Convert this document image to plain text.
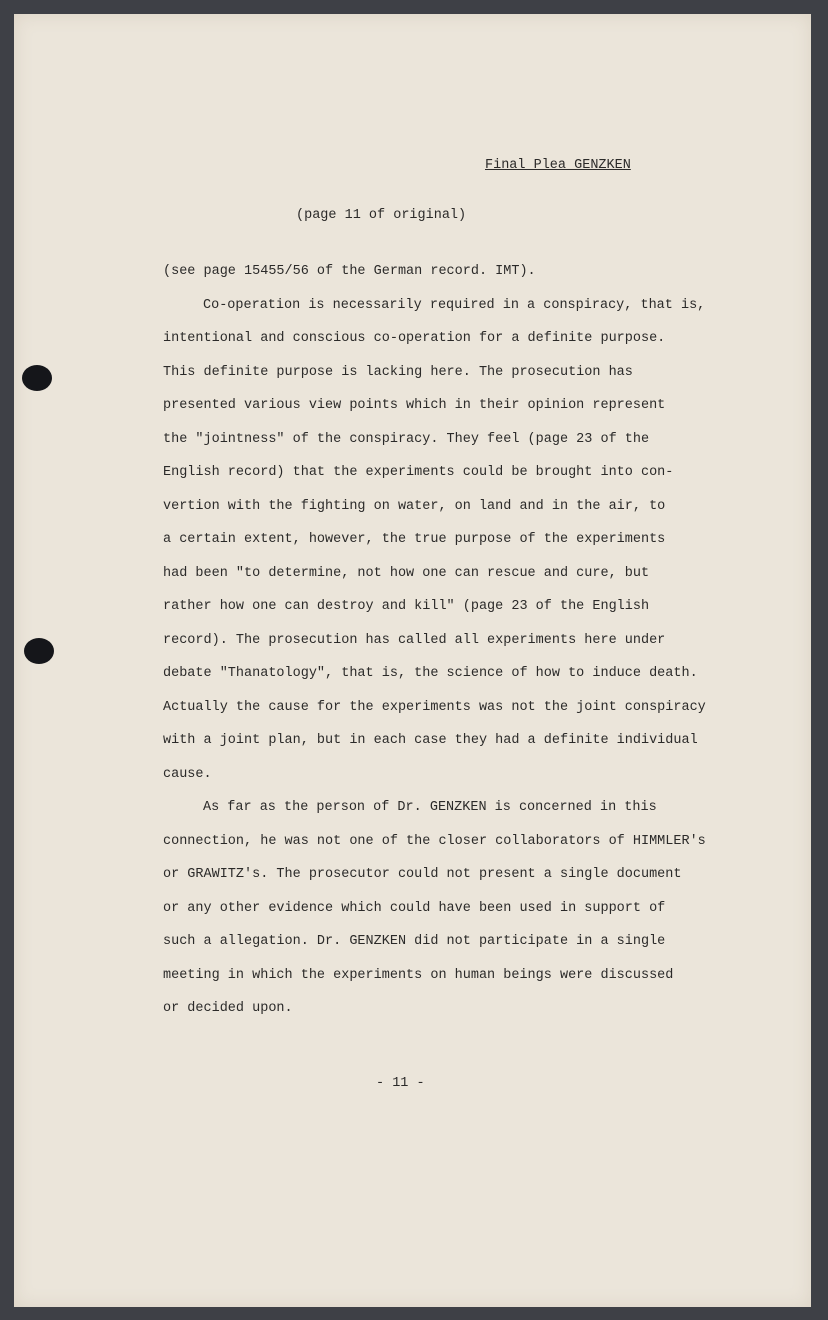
Final Plea GENZKEN
(page 11 of original)
(see page 15455/56 of the German record. IMT).
Co-operation is necessarily required in a conspiracy, that is,
intentional and conscious co-operation for a definite purpose.
This definite purpose is lacking here. The prosecution has
presented various view points which in their opinion represent
the "jointness" of the conspiracy. They feel (page 23 of the
English record) that the experiments could be brought into con-
vertion with the fighting on water, on land and in the air, to
a certain extent, however, the true purpose of the experiments
had been "to determine, not how one can rescue and cure, but
rather how one can destroy and kill" (page 23 of the English
record). The prosecution has called all experiments here under
debate "Thanatology", that is, the science of how to induce death.
Actually the cause for the experiments was not the joint conspiracy
with a joint plan, but in each case they had a definite individual
cause.
As far as the person of Dr. GENZKEN is concerned in this
connection, he was not one of the closer collaborators of HIMMLER's
or GRAWITZ's. The prosecutor could not present a single document
or any other evidence which could have been used in support of
such a allegation. Dr. GENZKEN did not participate in a single
meeting in which the experiments on human beings were discussed
or decided upon.
- 11 -
